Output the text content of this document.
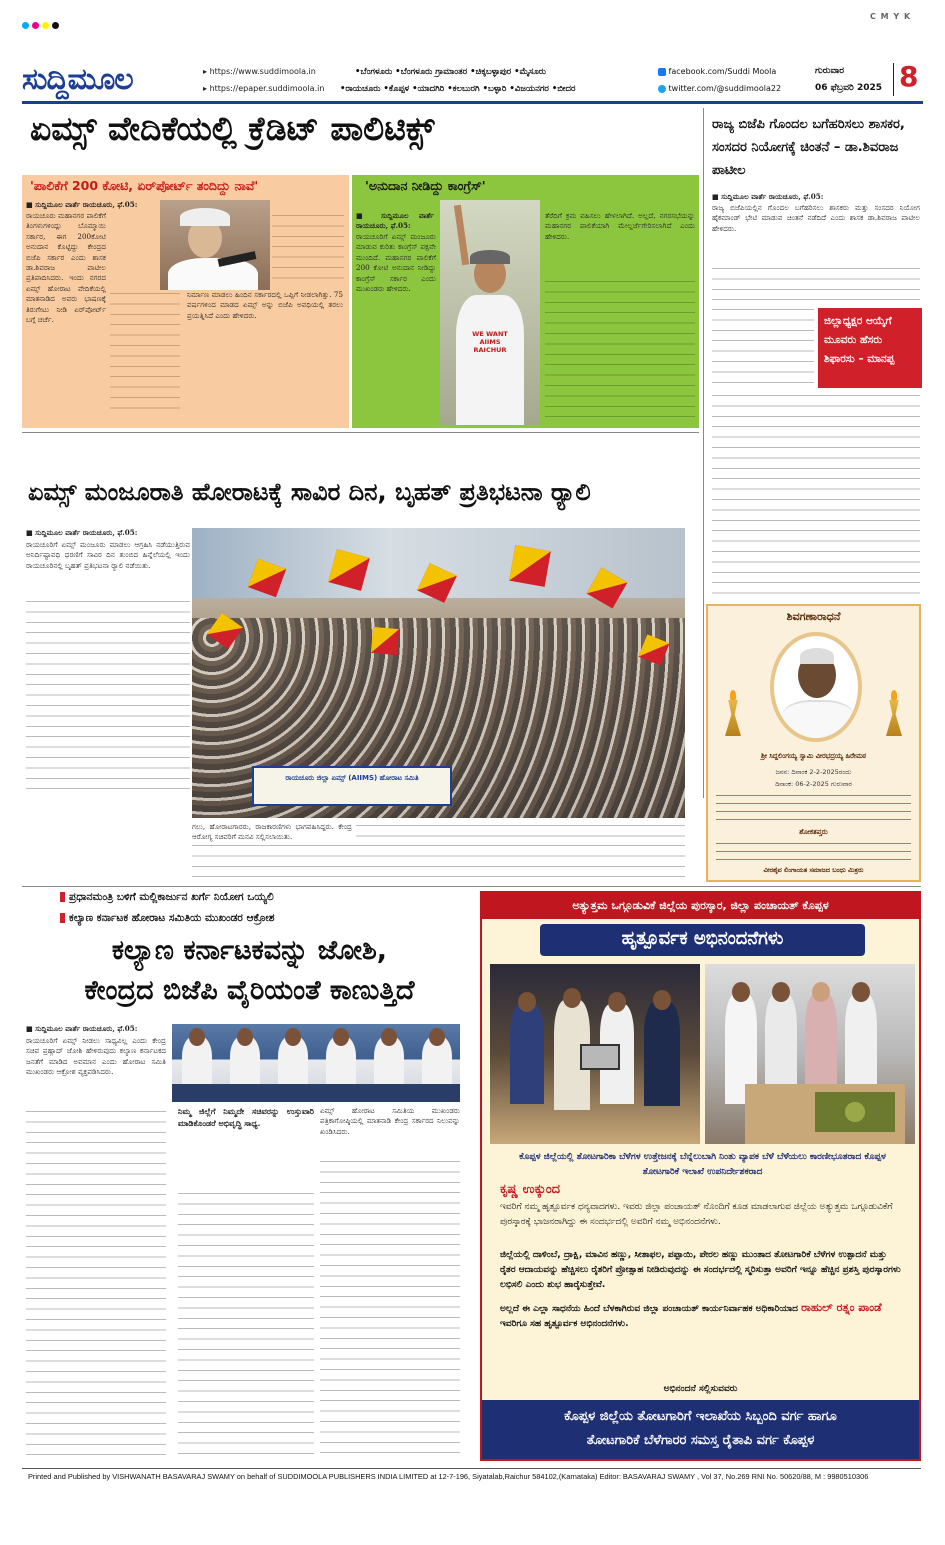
C M Y K
ಸುದ್ದಿಮೂಲ	▸ https://www.suddimoola.in
▸ https://epaper.suddimoola.in
•ಬೆಂಗಳೂರು •ಬೆಂಗಳೂರು ಗ್ರಾಮಾಂತರ •ಚಿಕ್ಕಬಳ್ಳಾಪುರ •ಮೈಸೂರು
•ರಾಯಚೂರು •ಕೊಪ್ಪಳ •ಯಾದಗಿರಿ •ಕಲಬುರಗಿ •ಬಳ್ಳಾರಿ •ವಿಜಯನಗರ •ಬೀದರ
facebook.com/Suddi Moola
twitter.com/@suddimoola22
ಗುರುವಾರ
06 ಫೆಬ್ರವರಿ 2025 8
ಏಮ್ಸ್ ವೇದಿಕೆಯಲ್ಲಿ ಕ್ರೆಡಿಟ್ ಪಾಲಿಟಿಕ್ಸ್
'ಪಾಲಿಕೆಗೆ 200 ಕೋಟಿ, ಏರ್‌ಪೋರ್ಟ್ ತಂದಿದ್ದು ನಾವೆ'
■ ಸುದ್ದಿಮೂಲ ವಾರ್ತೆ ರಾಯಚೂರು, ಫೆ.05:
ರಾಯಚೂರು ಮಹಾನಗರ ಪಾಲಿಕೆಗೆ ತಿಂಗಳುಗಳಿಂದ್ಲು ಬೊಮ್ಮಾಯಿ ಸರ್ಕಾರ, ಈಗ 200ಕೋಟಿ ಅನುದಾನ ಕೊಟ್ಟಿದ್ದು ಕೇಂದ್ರದ ಬಿಜೆಪಿ ಸರ್ಕಾರ ಎಂದು ಶಾಸಕ ಡಾ.ಶಿವರಾಜ ಪಾಟೀಲ ಪ್ರತಿಪಾದಿಸಿದರು. ಇಂದು ನಗರದ ಏಮ್ಸ್ ಹೋರಾಟ ವೇದಿಕೆಯಲ್ಲಿ ಮಾತನಾಡಿದ ಅವರು ಭಾಷಣಕ್ಕೆ ತಿರುಗೇಟು ನೀಡಿ ಏರ್‌ಪೋರ್ಟ್ ಬಗ್ಗೆ ಚರ್ಚೆ.
ನಿರ್ಮಾಣ ಮಾಡಲು ಹಿಂದಿನ ಸರ್ಕಾರದಲ್ಲಿ ಒಪ್ಪಿಗೆ ನೀಡಲಾಗಿತ್ತು. 75 ವರ್ಷಗಳಿಂದ ಮಾಡದ ಏಮ್ಸ್ ಅನ್ನು ಬಿಜೆಪಿ ಅವಧಿಯಲ್ಲಿ ತರಲು ಪ್ರಯತ್ನಿಸಿದೆ ಎಂದು ಹೇಳಿದರು.
'ಅನುದಾನ ನೀಡಿದ್ದು ಕಾಂಗ್ರೆಸ್'
■ ಸುದ್ದಿಮೂಲ ವಾರ್ತೆ ರಾಯಚೂರು, ಫೆ.05:
ರಾಯಚೂರಿಗೆ ಏಮ್ಸ್ ಮಂಜೂರು ಮಾಡುವ ಕುರಿತು ಕಾಂಗ್ರೆಸ್ ಪಕ್ಷವೇ ಮುಂದಿದೆ. ಮಹಾನಗರ ಪಾಲಿಕೆಗೆ 200 ಕೋಟಿ ಅನುದಾನ ನೀಡಿದ್ದು ಕಾಂಗ್ರೆಸ್ ಸರ್ಕಾರ ಎಂದು ಮುಖಂಡರು ಹೇಳಿದರು.
WE WANT AIIMS RAICHUR
ತೆರೆದಿಗೆ ಕ್ರಮ ವಹಿಸಲು ಹೇಳಲಾಗಿದೆ. ಅಲ್ಲದೆ, ನಗರಸಭೆಯನ್ನು ಮಹಾನಗರ ಪಾಲಿಕೆಯಾಗಿ ಮೇಲ್ದರ್ಜೆಗೇರಿಸಲಾಗಿದೆ ಎಂದು ಹೇಳಿದರು.
ರಾಜ್ಯ ಬಿಜೆಪಿ ಗೊಂದಲ ಬಗೆಹರಿಸಲು ಶಾಸಕರ, ಸಂಸದರ ನಿಯೋಗಕ್ಕೆ ಚಿಂತನೆ – ಡಾ.ಶಿವರಾಜ ಪಾಟೀಲ
■ ಸುದ್ದಿಮೂಲ ವಾರ್ತೆ ರಾಯಚೂರು, ಫೆ.05:
ರಾಜ್ಯ ಬಿಜೆಪಿಯಲ್ಲಿನ ಗೊಂದಲ ಬಗೆಹರಿಸಲು ಶಾಸಕರು ಮತ್ತು ಸಂಸದರ ನಿಯೋಗ ಹೈಕಮಾಂಡ್ ಭೇಟಿ ಮಾಡುವ ಚಿಂತನೆ ನಡೆದಿದೆ ಎಂದು ಶಾಸಕ ಡಾ.ಶಿವರಾಜ ಪಾಟೀಲ ಹೇಳಿದರು.
ಜಿಲ್ಲಾಧ್ಯಕ್ಷರ ಆಯ್ಕೆಗೆ ಮೂವರು ಹೆಸರು ಶಿಫಾರಸು – ಮಾನಪ್ಪ
ಏಮ್ಸ್ ಮಂಜೂರಾತಿ ಹೋರಾಟಕ್ಕೆ ಸಾವಿರ ದಿನ, ಬೃಹತ್ ಪ್ರತಿಭಟನಾ ರ‍್ಯಾಲಿ
■ ಸುದ್ದಿಮೂಲ ವಾರ್ತೆ ರಾಯಚೂರು, ಫೆ.05:
ರಾಯಚೂರಿಗೆ ಏಮ್ಸ್ ಮಂಜೂರು ಮಾಡಲು ಆಗ್ರಹಿಸಿ ನಡೆಯುತ್ತಿರುವ ಅನಿರ್ದಿಷ್ಟಾವಧಿ ಧರಣಿಗೆ ಸಾವಿರ ದಿನ ತುಂಬಿದ ಹಿನ್ನೆಲೆಯಲ್ಲಿ ಇಂದು ರಾಯಚೂರಿನಲ್ಲಿ ಬೃಹತ್ ಪ್ರತಿಭಟನಾ ರ‍್ಯಾಲಿ ನಡೆಯಿತು.
ರಾಯಚೂರು ಜಿಲ್ಲಾ ಏಮ್ಸ್ (AIIMS) ಹೋರಾಟ ಸಮಿತಿ
ಗಲು, ಹೋರಾಟಗಾರರು, ರಾಜಕಾರಣಿಗಳು ಭಾಗವಹಿಸಿದ್ದರು. ಕೇಂದ್ರ ಆರೋಗ್ಯ ಸಚಿವರಿಗೆ ಮನವಿ ಸಲ್ಲಿಸಲಾಯಿತು.
ಶಿವಗಣಾರಾಧನೆ
ಶ್ರೀ ಸಿದ್ದಲಿಂಗಯ್ಯ ಸ್ವಾಮಿ ವೀರಭದ್ರಯ್ಯ ಹಿರೇಮಠ
ಜನನ: ದಿನಾಂಕ 2-2-2025ರಂದು
ದಿನಾಂಕ: 06-2-2025 ಗುರುವಾರ
ಶೋಕತಪ್ತರು
ವೀರಶೈವ ಲಿಂಗಾಯತ ಸಮಾಜದ ಬಂಧು ಮಿತ್ರರು
ಪ್ರಧಾನಮಂತ್ರಿ ಬಳಿಗೆ ಮಲ್ಲಿಕಾರ್ಜುನ ಖರ್ಗೆ ನಿಯೋಗ ಒಯ್ಯಲಿ
ಕಲ್ಯಾಣ ಕರ್ನಾಟಕ ಹೋರಾಟ ಸಮಿತಿಯ ಮುಖಂಡರ ಆಕ್ರೋಶ
ಕಲ್ಯಾಣ ಕರ್ನಾಟಕವನ್ನು ಜೋಶಿ,
ಕೇಂದ್ರದ ಬಿಜೆಪಿ ವೈರಿಯಂತೆ ಕಾಣುತ್ತಿದೆ
■ ಸುದ್ದಿಮೂಲ ವಾರ್ತೆ ರಾಯಚೂರು, ಫೆ.05:
ರಾಯಚೂರಿಗೆ ಏಮ್ಸ್ ನೀಡಲು ಸಾಧ್ಯವಿಲ್ಲ ಎಂದು ಕೇಂದ್ರ ಸಚಿವ ಪ್ರಹ್ಲಾದ್ ಜೋಶಿ ಹೇಳಿರುವುದು ಕಲ್ಯಾಣ ಕರ್ನಾಟಕದ ಜನತೆಗೆ ಮಾಡಿದ ಅವಮಾನ ಎಂದು ಹೋರಾಟ ಸಮಿತಿ ಮುಖಂಡರು ಆಕ್ರೋಶ ವ್ಯಕ್ತಪಡಿಸಿದರು.
ನಿಮ್ಮ ಜಿಲ್ಲೆಗೆ ನಿಮ್ಮದೇ ಸಚಿವರನ್ನು ಉಸ್ತುವಾರಿ ಮಾಡಿಕೊಂಡರೆ ಅಭಿವೃದ್ಧಿ ಸಾಧ್ಯ.
ಏಮ್ಸ್ ಹೋರಾಟ ಸಮಿತಿಯ ಮುಖಂಡರು ಪತ್ರಿಕಾಗೋಷ್ಠಿಯಲ್ಲಿ ಮಾತನಾಡಿ ಕೇಂದ್ರ ಸರ್ಕಾರದ ನಿಲುವನ್ನು ಖಂಡಿಸಿದರು.
ಅತ್ಯುತ್ತಮ ಒಗ್ಗೂಡುವಿಕೆ ಜಿಲ್ಲೆಯ ಪುರಸ್ಕಾರ, ಜಿಲ್ಲಾ ಪಂಚಾಯತ್ ಕೊಪ್ಪಳ
ಹೃತ್ಪೂರ್ವಕ ಅಭಿನಂದನೆಗಳು
ಕೊಪ್ಪಳ ಜಿಲ್ಲೆಯಲ್ಲಿ ತೋಟಗಾರಿಕಾ ಬೆಳೆಗಳ ಉತ್ತೇಜನಕ್ಕೆ ಬೆನ್ನೆಲುಬಾಗಿ ನಿಂತು ವ್ಯಾಪಕ ಬೆಳೆ ಬೆಳೆಯಲು ಕಾರಣೀಭೂತರಾದ ಕೊಪ್ಪಳ ತೋಟಗಾರಿಕೆ ಇಲಾಖೆ ಉಪನಿರ್ದೇಶಕರಾದ
ಕೃಷ್ಣ ಉಕ್ಕುಂದ
ಇವರಿಗೆ ನಮ್ಮ ಹೃತ್ಪೂರ್ವಕ ಧನ್ಯವಾದಗಳು. ಇವರು ಜಿಲ್ಲಾ ಪಂಚಾಯತ್ ನೊಂದಿಗೆ ಕೂಡ ಮಾಡಲಾಗುವ ಜಿಲ್ಲೆಯ ಅತ್ಯುತ್ತಮ ಒಗ್ಗೂಡುವಿಕೆಗೆ ಪುರಸ್ಕಾರಕ್ಕೆ ಭಾಜನರಾಗಿದ್ದು ಈ ಸಂದರ್ಭದಲ್ಲಿ ಅವರಿಗೆ ನಮ್ಮ ಅಭಿನಂದನೆಗಳು.
ಜಿಲ್ಲೆಯಲ್ಲಿ ದಾಳಿಂಬೆ, ದ್ರಾಕ್ಷಿ, ಮಾವಿನ ಹಣ್ಣು, ಸೀತಾಫಲ, ಪಪ್ಪಾಯಿ, ಪೇರಲ ಹಣ್ಣು ಮುಂತಾದ ತೋಟಗಾರಿಕೆ ಬೆಳೆಗಳ ಉತ್ಪಾದನೆ ಮತ್ತು ರೈತರ ಆದಾಯವನ್ನು ಹೆಚ್ಚಿಸಲು ರೈತರಿಗೆ ಪ್ರೋತ್ಸಾಹ ನೀಡಿರುವುದನ್ನು ಈ ಸಂದರ್ಭದಲ್ಲಿ ಸ್ಮರಿಸುತ್ತಾ ಅವರಿಗೆ ಇನ್ನೂ ಹೆಚ್ಚಿನ ಪ್ರಶಸ್ತಿ ಪುರಸ್ಕಾರಗಳು ಲಭಿಸಲಿ ಎಂದು ಶುಭ ಹಾರೈಸುತ್ತೇವೆ.
ಅಲ್ಲದೆ ಈ ಎಲ್ಲಾ ಸಾಧನೆಯ ಹಿಂದೆ ಬೆಳಕಾಗಿರುವ ಜಿಲ್ಲಾ ಪಂಚಾಯತ್ ಕಾರ್ಯನಿರ್ವಾಹಕ ಅಧಿಕಾರಿಯಾದ ರಾಹುಲ್ ರತ್ನಂ ಪಾಂಡೆ ಇವರಿಗೂ ಸಹ ಹೃತ್ಪೂರ್ವಕ ಅಭಿನಂದನೆಗಳು.
ಅಭಿನಂದನೆ ಸಲ್ಲಿಸುವವರು
ಕೊಪ್ಪಳ ಜಿಲ್ಲೆಯ ತೋಟಗಾರಿಗೆ ಇಲಾಖೆಯ ಸಿಬ್ಬಂದಿ ವರ್ಗ ಹಾಗೂ
ತೋಟಗಾರಿಕೆ ಬೆಳೆಗಾರರ ಸಮಸ್ತ ರೈತಾಪಿ ವರ್ಗ ಕೊಪ್ಪಳ
Printed and Published by VISHWANATH BASAVARAJ SWAMY on behalf of SUDDIMOOLA PUBLISHERS INDIA LIMITED at 12-7-196, Siyatalab,Raichur 584102,(Karnataka) Editor: BASAVARAJ SWAMY , Vol 37, No.269 RNI No. 50620/88, M : 9980510306
